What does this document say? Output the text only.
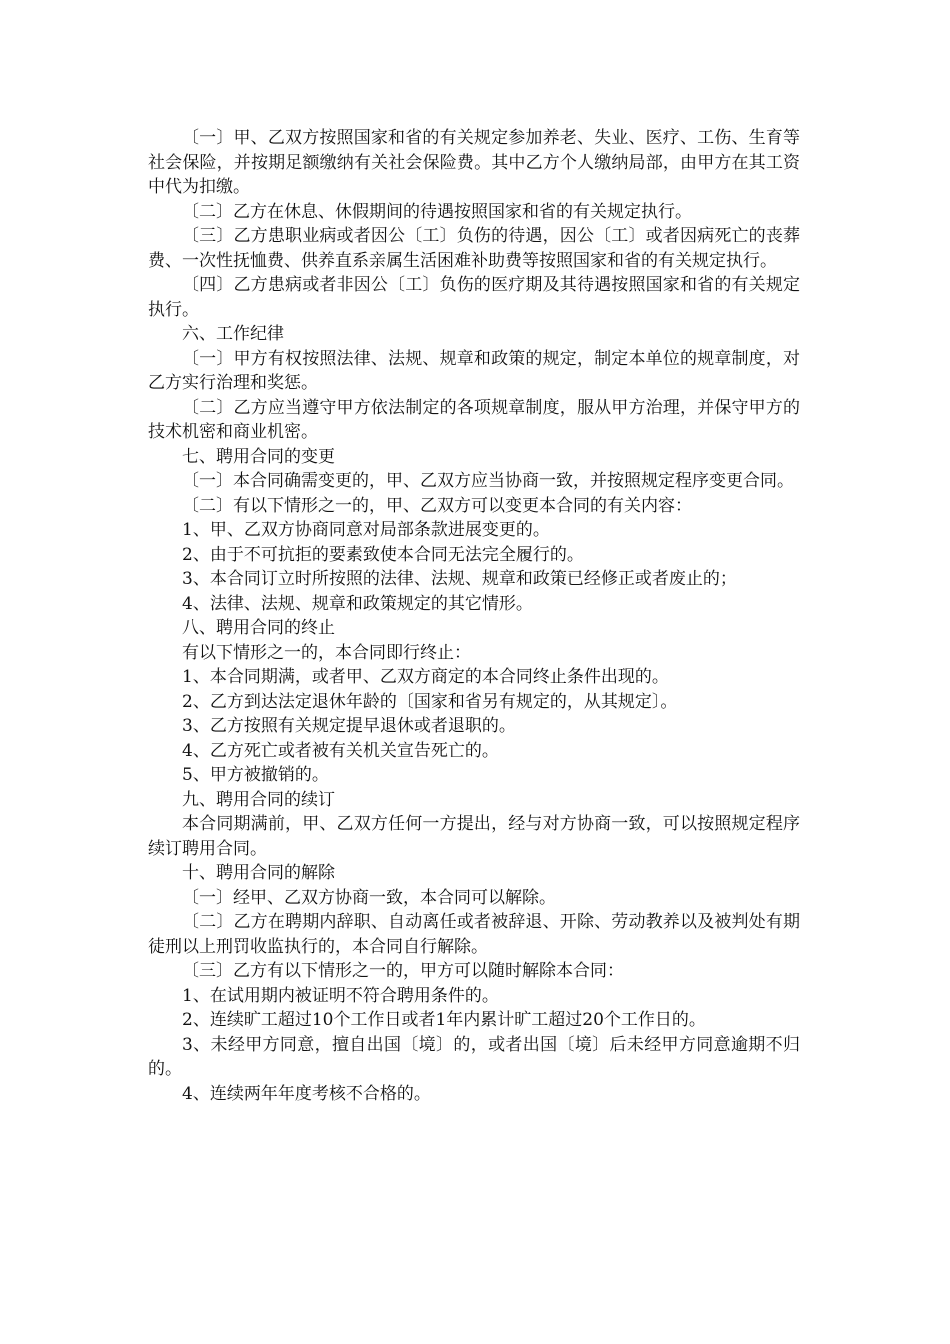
〔一〕甲、乙双方按照国家和省的有关规定参加养老、失业、医疗、工伤、生育等社会保险，并按期足额缴纳有关社会保险费。其中乙方个人缴纳局部，由甲方在其工资中代为扣缴。

〔二〕乙方在休息、休假期间的待遇按照国家和省的有关规定执行。

〔三〕乙方患职业病或者因公〔工〕负伤的待遇，因公〔工〕或者因病死亡的丧葬费、一次性抚恤费、供养直系亲属生活困难补助费等按照国家和省的有关规定执行。

〔四〕乙方患病或者非因公〔工〕负伤的医疗期及其待遇按照国家和省的有关规定执行。

六、工作纪律

〔一〕甲方有权按照法律、法规、规章和政策的规定，制定本单位的规章制度，对乙方实行治理和奖惩。

〔二〕乙方应当遵守甲方依法制定的各项规章制度，服从甲方治理，并保守甲方的技术机密和商业机密。

七、聘用合同的变更

〔一〕本合同确需变更的，甲、乙双方应当协商一致，并按照规定程序变更合同。

〔二〕有以下情形之一的，甲、乙双方可以变更本合同的有关内容：

1、甲、乙双方协商同意对局部条款进展变更的。

2、由于不可抗拒的要素致使本合同无法完全履行的。

3、本合同订立时所按照的法律、法规、规章和政策已经修正或者废止的；

4、法律、法规、规章和政策规定的其它情形。

八、聘用合同的终止

有以下情形之一的，本合同即行终止：

1、本合同期满，或者甲、乙双方商定的本合同终止条件出现的。

2、乙方到达法定退休年龄的〔国家和省另有规定的，从其规定〕。

3、乙方按照有关规定提早退休或者退职的。

4、乙方死亡或者被有关机关宣告死亡的。

5、甲方被撤销的。

九、聘用合同的续订

本合同期满前，甲、乙双方任何一方提出，经与对方协商一致，可以按照规定程序续订聘用合同。

十、聘用合同的解除

〔一〕经甲、乙双方协商一致，本合同可以解除。

〔二〕乙方在聘期内辞职、自动离任或者被辞退、开除、劳动教养以及被判处有期徒刑以上刑罚收监执行的，本合同自行解除。

〔三〕乙方有以下情形之一的，甲方可以随时解除本合同：

1、在试用期内被证明不符合聘用条件的。

2、连续旷工超过10个工作日或者1年内累计旷工超过20个工作日的。

3、未经甲方同意，擅自出国〔境〕的，或者出国〔境〕后未经甲方同意逾期不归的。

4、连续两年年度考核不合格的。
